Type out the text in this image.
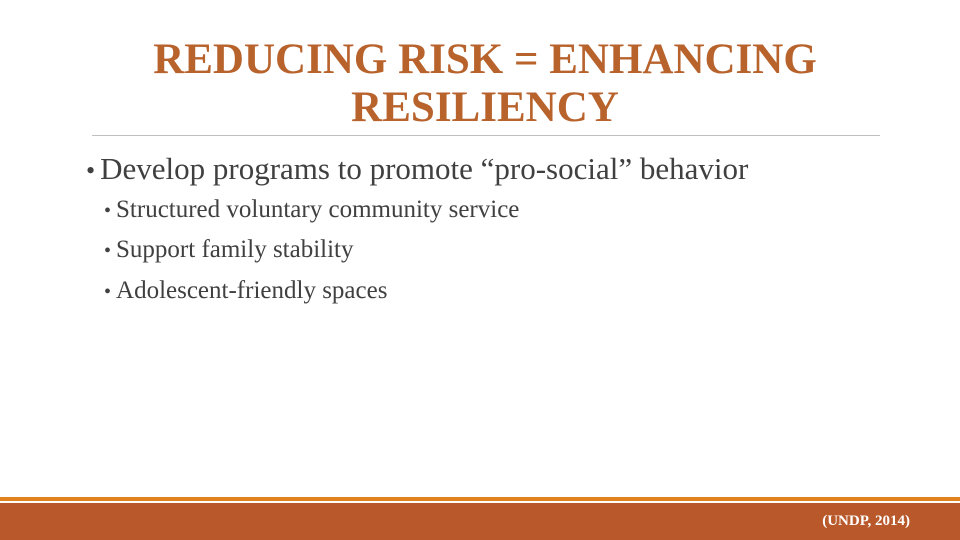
REDUCING RISK = ENHANCING RESILIENCY
• Develop programs to promote “pro-social” behavior
• Structured voluntary community service
• Support family stability
• Adolescent-friendly spaces
(UNDP, 2014)
